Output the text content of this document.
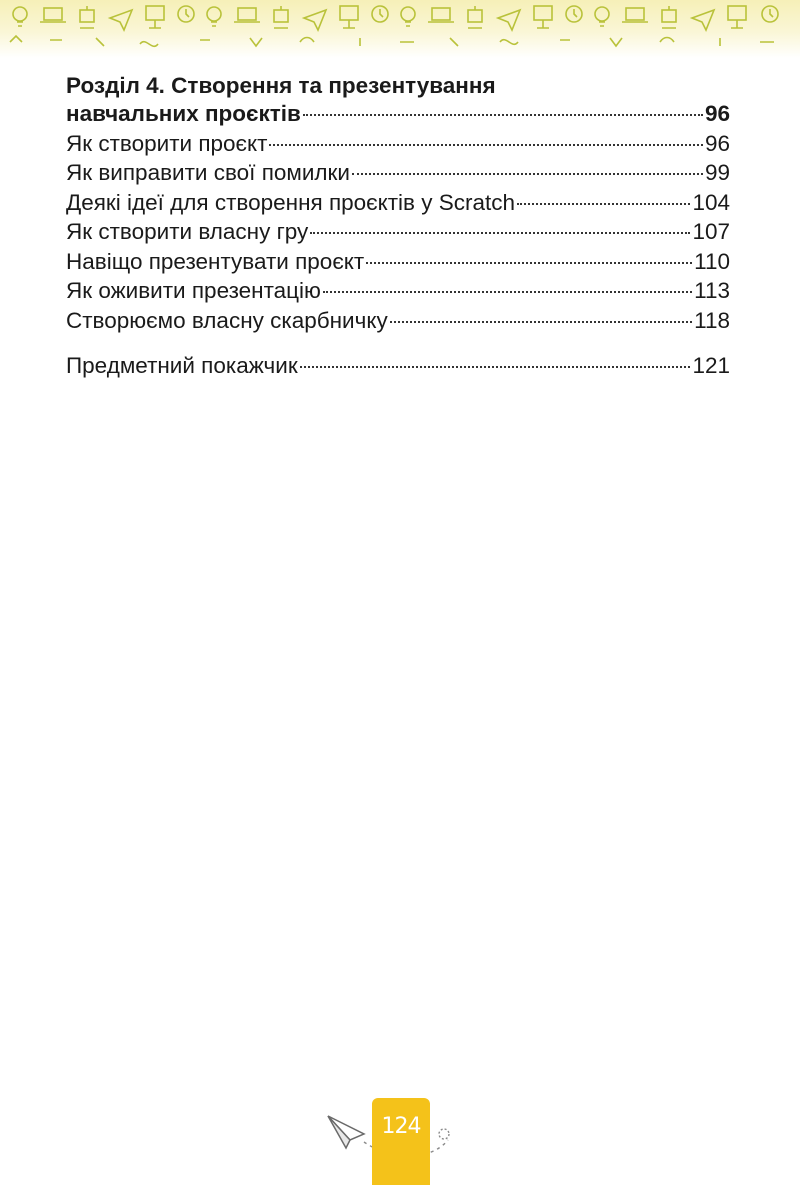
Розділ 4. Створення та презентування
навчальних проєктів	96
Як створити проєкт	96
Як виправити свої помилки	99
Деякі ідеї для створення проєктів у Scratch	104
Як створити власну гру	107
Навіщо презентувати проєкт	110
Як оживити презентацію	113
Створюємо власну скарбничку	118
Предметний покажчик	121
124
